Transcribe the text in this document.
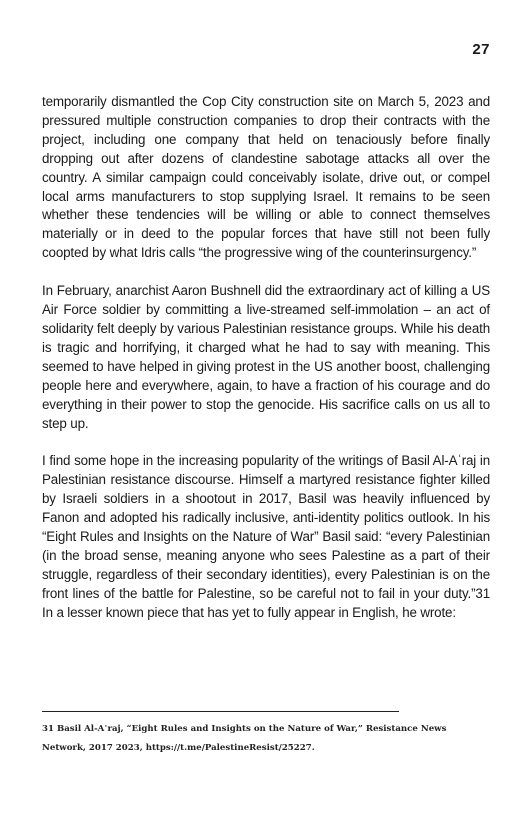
27

temporarily dismantled the Cop City construction site on March 5, 2023 and pressured multiple construction companies to drop their contracts with the project, including one company that held on tenaciously before finally dropping out after dozens of clandestine sabotage attacks all over the country. A similar campaign could conceivably isolate, drive out, or compel local arms manufacturers to stop supplying Israel. It remains to be seen whether these tendencies will be willing or able to connect themselves materially or in deed to the popular forces that have still not been fully coopted by what Idris calls “the progressive wing of the counterinsurgency.”

In February, anarchist Aaron Bushnell did the extraordinary act of killing a US Air Force soldier by committing a live-streamed self-immolation – an act of solidarity felt deeply by various Palestinian resistance groups. While his death is tragic and horrifying, it charged what he had to say with meaning. This seemed to have helped in giving protest in the US another boost, challenging people here and everywhere, again, to have a fraction of his courage and do everything in their power to stop the genocide. His sacrifice calls on us all to step up.

I find some hope in the increasing popularity of the writings of Basil Al-Aʿraj in Palestinian resistance discourse. Himself a martyred resistance fighter killed by Israeli soldiers in a shootout in 2017, Basil was heavily influenced by Fanon and adopted his radically inclusive, anti-identity politics outlook. In his “Eight Rules and Insights on the Nature of War” Basil said: “every Palestinian (in the broad sense, meaning anyone who sees Palestine as a part of their struggle, regardless of their secondary identities), every Palestinian is on the front lines of the battle for Palestine, so be careful not to fail in your duty.”31 In a lesser known piece that has yet to fully appear in English, he wrote:

31 Basil Al-Aʿraj, “Eight Rules and Insights on the Nature of War,” Resistance News Network, 2017 2023, https://t.me/PalestineResist/25227.
